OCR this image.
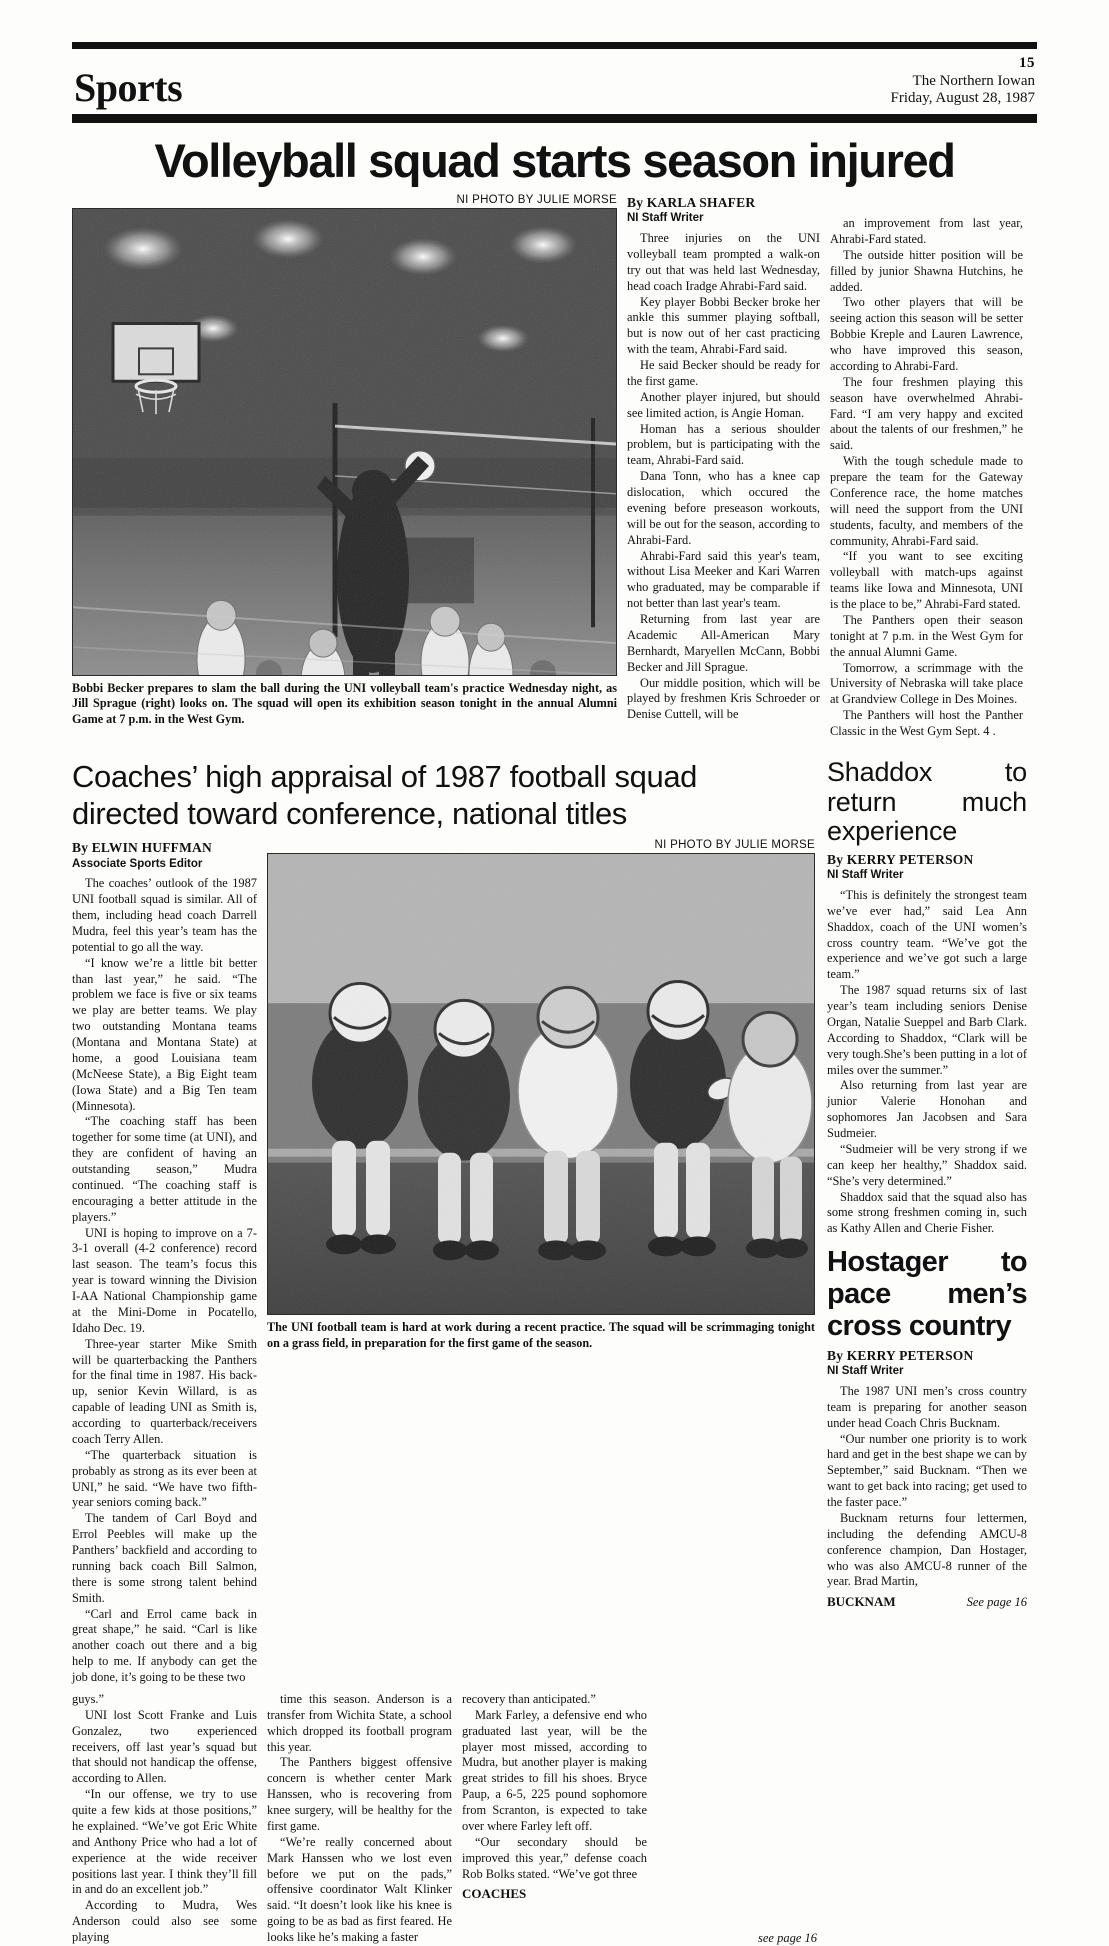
Sports
15
The Northern Iowan
Friday, August 28, 1987
Volleyball squad starts season injured
NI PHOTO BY JULIE MORSE
Bobbi Becker prepares to slam the ball during the UNI volleyball team's practice Wednesday night, as Jill Sprague (right) looks on. The squad will open its exhibition season tonight in the annual Alumni Game at 7 p.m. in the West Gym.
By KARLA SHAFER
NI Staff Writer

Three injuries on the UNI volleyball team prompted a walk-on try out that was held last Wednesday, head coach Iradge Ahrabi-Fard said.

Key player Bobbi Becker broke her ankle this summer playing softball, but is now out of her cast practicing with the team, Ahrabi-Fard said.

He said Becker should be ready for the first game.

Another player injured, but should see limited action, is Angie Homan.

Homan has a serious shoulder problem, but is participating with the team, Ahrabi-Fard said.

Dana Tonn, who has a knee cap dislocation, which occured the evening before preseason workouts, will be out for the season, according to Ahrabi-Fard.

Ahrabi-Fard said this year's team, without Lisa Meeker and Kari Warren who graduated, may be comparable if not better than last year's team.

Returning from last year are Academic All-American Mary Bernhardt, Maryellen McCann, Bobbi Becker and Jill Sprague.

Our middle position, which will be played by freshmen Kris Schroeder or Denise Cuttell, will be

an improvement from last year, Ahrabi-Fard stated.

The outside hitter position will be filled by junior Shawna Hutchins, he added.

Two other players that will be seeing action this season will be setter Bobbie Kreple and Lauren Lawrence, who have improved this season, according to Ahrabi-Fard.

The four freshmen playing this season have overwhelmed Ahrabi-Fard. “I am very happy and excited about the talents of our freshmen,” he said.

With the tough schedule made to prepare the team for the Gateway Conference race, the home matches will need the support from the UNI students, faculty, and members of the community, Ahrabi-Fard said.

“If you want to see exciting volleyball with match-ups against teams like Iowa and Minnesota, UNI is the place to be,” Ahrabi-Fard stated.

The Panthers open their season tonight at 7 p.m. in the West Gym for the annual Alumni Game.

Tomorrow, a scrimmage with the University of Nebraska will take place at Grandview College in Des Moines.

The Panthers will host the Panther Classic in the West Gym Sept. 4 .

Coaches’ high appraisal of 1987 football squad
directed toward conference, national titles
By ELWIN HUFFMAN
Associate Sports Editor

The coaches’ outlook of the 1987 UNI football squad is similar. All of them, including head coach Darrell Mudra, feel this year’s team has the potential to go all the way.

“I know we’re a little bit better than last year,” he said. “The problem we face is five or six teams we play are better teams. We play two outstanding Montana teams (Montana and Montana State) at home, a good Louisiana team (McNeese State), a Big Eight team (Iowa State) and a Big Ten team (Minnesota).

“The coaching staff has been together for some time (at UNI), and they are confident of having an outstanding season,” Mudra continued. “The coaching staff is encouraging a better attitude in the players.”

UNI is hoping to improve on a 7-3-1 overall (4-2 conference) record last season. The team’s focus this year is toward winning the Division I-AA National Championship game at the Mini-Dome in Pocatello, Idaho Dec. 19.

Three-year starter Mike Smith will be quarterbacking the Panthers for the final time in 1987. His back-up, senior Kevin Willard, is as capable of leading UNI as Smith is, according to quarterback/receivers coach Terry Allen.

“The quarterback situation is probably as strong as its ever been at UNI,” he said. “We have two fifth-year seniors coming back.”

The tandem of Carl Boyd and Errol Peebles will make up the Panthers’ backfield and according to running back coach Bill Salmon, there is some strong talent behind Smith.

“Carl and Errol came back in great shape,” he said. “Carl is like another coach out there and a big help to me. If anybody can get the job done, it’s going to be these two

NI PHOTO BY JULIE MORSE
The UNI football team is hard at work during a recent practice. The squad will be scrimmaging tonight on a grass field, in preparation for the first game of the season.

guys.”

UNI lost Scott Franke and Luis Gonzalez, two experienced receivers, off last year’s squad but that should not handicap the offense, according to Allen.

“In our offense, we try to use quite a few kids at those positions,” he explained. “We’ve got Eric White and Anthony Price who had a lot of experience at the wide receiver positions last year. I think they’ll fill in and do an excellent job.”

According to Mudra, Wes Anderson could also see some playing

time this season. Anderson is a transfer from Wichita State, a school which dropped its football program this year.

The Panthers biggest offensive concern is whether center Mark Hanssen, who is recovering from knee surgery, will be healthy for the first game.

“We’re really concerned about Mark Hanssen who we lost even before we put on the pads,” offensive coordinator Walt Klinker said. “It doesn’t look like his knee is going to be as bad as first feared. He looks like he’s making a faster

recovery than anticipated.”

Mark Farley, a defensive end who graduated last year, will be the player most missed, according to Mudra, but another player is making great strides to fill his shoes. Bryce Paup, a 6-5, 225 pound sophomore from Scranton, is expected to take over where Farley left off.

“Our secondary should be improved this year,” defense coach Rob Bolks stated. “We’ve got three

COACHES
see page 16
Shaddox to return much experience
By KERRY PETERSON
NI Staff Writer

“This is definitely the strongest team we’ve ever had,” said Lea Ann Shaddox, coach of the UNI women’s cross country team. “We’ve got the experience and we’ve got such a large team.”

The 1987 squad returns six of last year’s team including seniors Denise Organ, Natalie Sueppel and Barb Clark. According to Shaddox, “Clark will be very tough.She’s been putting in a lot of miles over the summer.”

Also returning from last year are junior Valerie Honohan and sophomores Jan Jacobsen and Sara Sudmeier.

“Sudmeier will be very strong if we can keep her healthy,” Shaddox said. “She’s very determined.”

Shaddox said that the squad also has some strong freshmen coming in, such as Kathy Allen and Cherie Fisher.

Hostager to pace men’s cross country
By KERRY PETERSON
NI Staff Writer

The 1987 UNI men’s cross country team is preparing for another season under head Coach Chris Bucknam.

“Our number one priority is to work hard and get in the best shape we can by September,” said Bucknam. “Then we want to get back into racing; get used to the faster pace.”

Bucknam returns four lettermen, including the defending AMCU-8 conference champion, Dan Hostager, who was also AMCU-8 runner of the year. Brad Martin,

BUCKNAM	See page 16
